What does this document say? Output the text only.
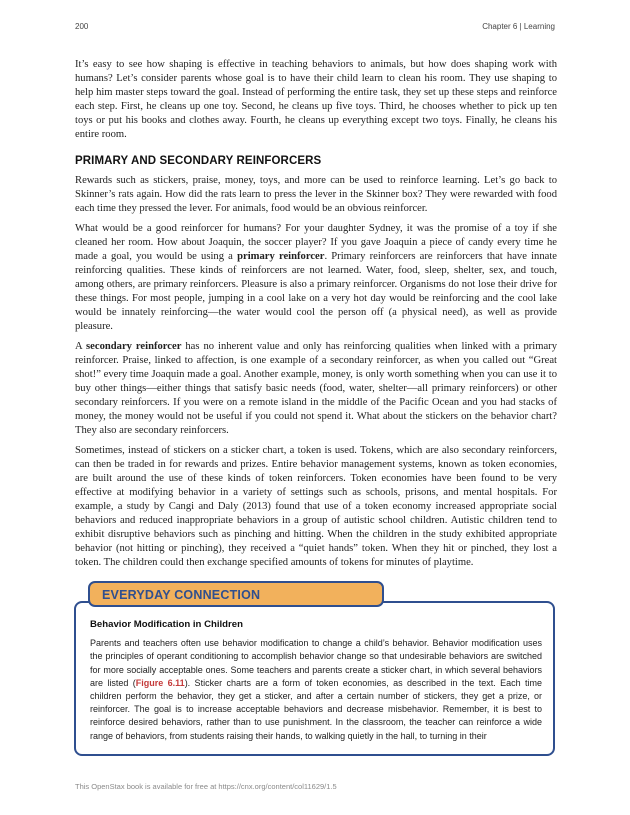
200	Chapter 6 | Learning

It’s easy to see how shaping is effective in teaching behaviors to animals, but how does shaping work with humans? Let’s consider parents whose goal is to have their child learn to clean his room. They use shaping to help him master steps toward the goal. Instead of performing the entire task, they set up these steps and reinforce each step. First, he cleans up one toy. Second, he cleans up five toys. Third, he chooses whether to pick up ten toys or put his books and clothes away. Fourth, he cleans up everything except two toys. Finally, he cleans his entire room.

PRIMARY AND SECONDARY REINFORCERS

Rewards such as stickers, praise, money, toys, and more can be used to reinforce learning. Let’s go back to Skinner’s rats again. How did the rats learn to press the lever in the Skinner box? They were rewarded with food each time they pressed the lever. For animals, food would be an obvious reinforcer.

What would be a good reinforcer for humans? For your daughter Sydney, it was the promise of a toy if she cleaned her room. How about Joaquin, the soccer player? If you gave Joaquin a piece of candy every time he made a goal, you would be using a primary reinforcer. Primary reinforcers are reinforcers that have innate reinforcing qualities. These kinds of reinforcers are not learned. Water, food, sleep, shelter, sex, and touch, among others, are primary reinforcers. Pleasure is also a primary reinforcer. Organisms do not lose their drive for these things. For most people, jumping in a cool lake on a very hot day would be reinforcing and the cool lake would be innately reinforcing—the water would cool the person off (a physical need), as well as provide pleasure.

A secondary reinforcer has no inherent value and only has reinforcing qualities when linked with a primary reinforcer. Praise, linked to affection, is one example of a secondary reinforcer, as when you called out “Great shot!” every time Joaquin made a goal. Another example, money, is only worth something when you can use it to buy other things—either things that satisfy basic needs (food, water, shelter—all primary reinforcers) or other secondary reinforcers. If you were on a remote island in the middle of the Pacific Ocean and you had stacks of money, the money would not be useful if you could not spend it. What about the stickers on the behavior chart? They also are secondary reinforcers.

Sometimes, instead of stickers on a sticker chart, a token is used. Tokens, which are also secondary reinforcers, can then be traded in for rewards and prizes. Entire behavior management systems, known as token economies, are built around the use of these kinds of token reinforcers. Token economies have been found to be very effective at modifying behavior in a variety of settings such as schools, prisons, and mental hospitals. For example, a study by Cangi and Daly (2013) found that use of a token economy increased appropriate social behaviors and reduced inappropriate behaviors in a group of autistic school children. Autistic children tend to exhibit disruptive behaviors such as pinching and hitting. When the children in the study exhibited appropriate behavior (not hitting or pinching), they received a “quiet hands” token. When they hit or pinched, they lost a token. The children could then exchange specified amounts of tokens for minutes of playtime.

EVERYDAY CONNECTION
Behavior Modification in Children

Parents and teachers often use behavior modification to change a child’s behavior. Behavior modification uses the principles of operant conditioning to accomplish behavior change so that undesirable behaviors are switched for more socially acceptable ones. Some teachers and parents create a sticker chart, in which several behaviors are listed (Figure 6.11). Sticker charts are a form of token economies, as described in the text. Each time children perform the behavior, they get a sticker, and after a certain number of stickers, they get a prize, or reinforcer. The goal is to increase acceptable behaviors and decrease misbehavior. Remember, it is best to reinforce desired behaviors, rather than to use punishment. In the classroom, the teacher can reinforce a wide range of behaviors, from students raising their hands, to walking quietly in the hall, to turning in their

This OpenStax book is available for free at https://cnx.org/content/col11629/1.5
